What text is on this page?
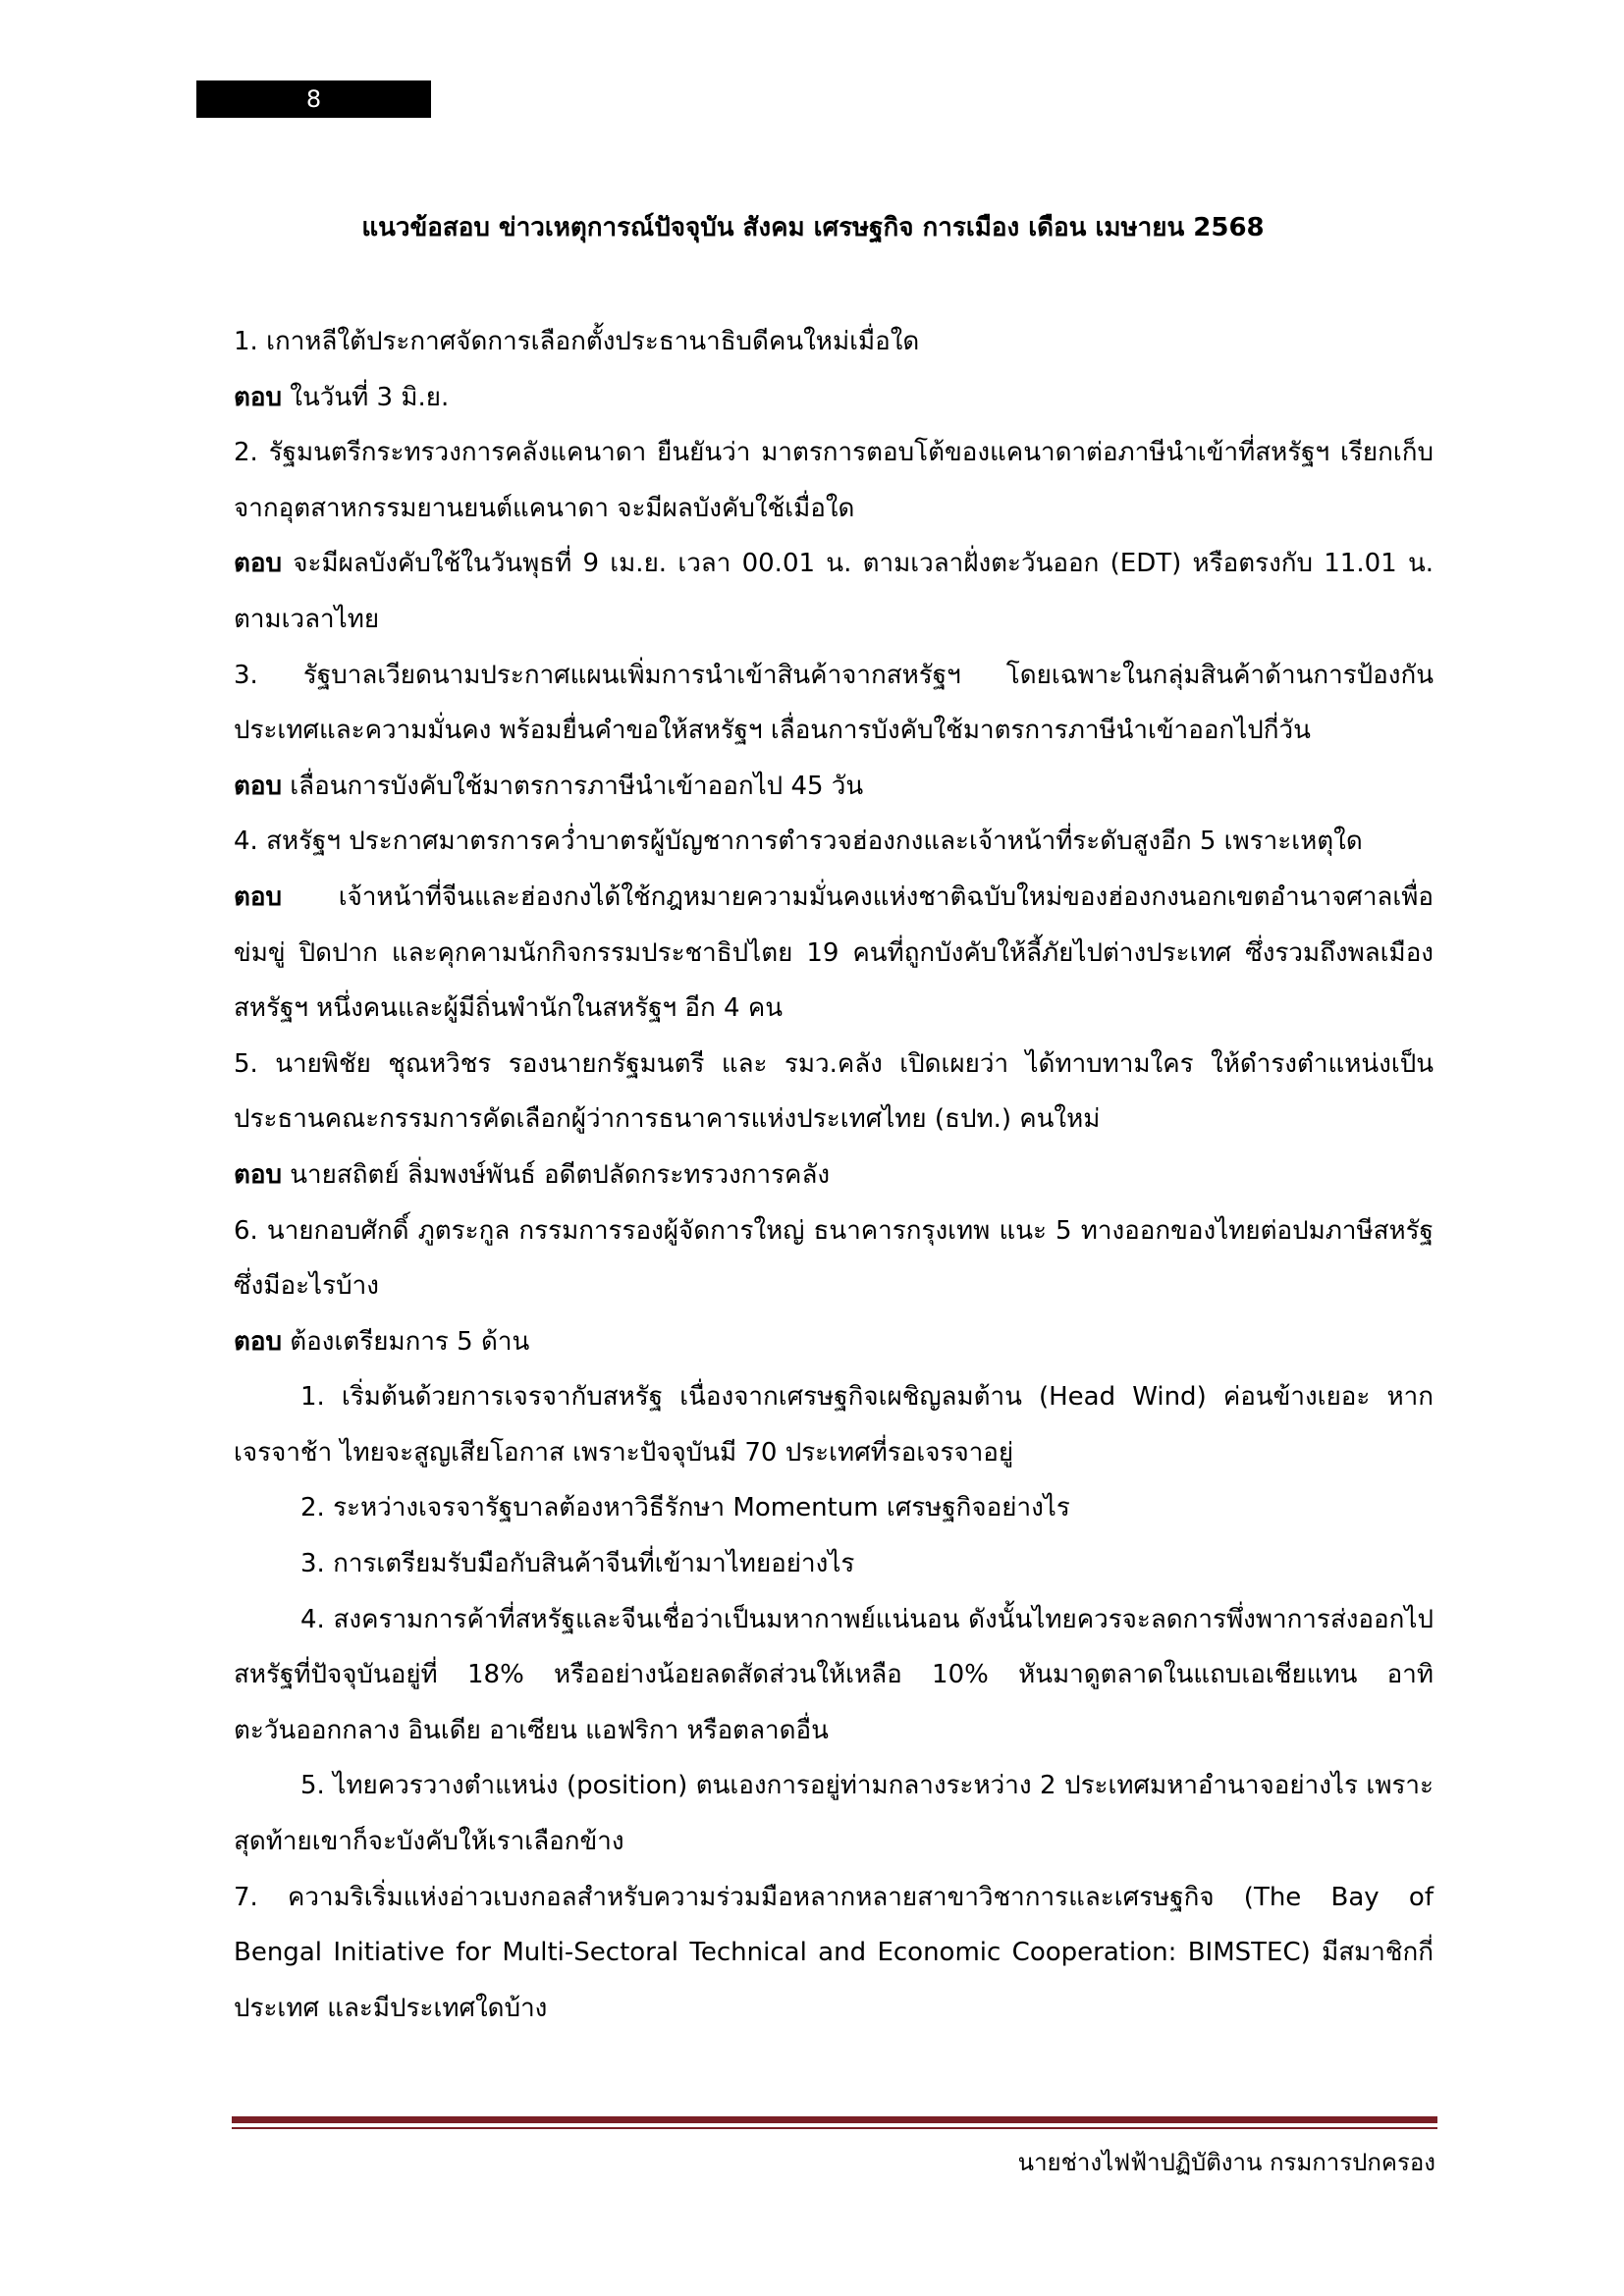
8
แนวข้อสอบ ข่าวเหตุการณ์ปัจจุบัน สังคม เศรษฐกิจ การเมือง เดือน เมษายน 2568

1. เกาหลีใต้ประกาศจัดการเลือกตั้งประธานาธิบดีคนใหม่เมื่อใด

ตอบ ในวันที่ 3 มิ.ย.

2. รัฐมนตรีกระทรวงการคลังแคนาดา ยืนยันว่า มาตรการตอบโต้ของแคนาดาต่อภาษีนำเข้าที่สหรัฐฯ เรียกเก็บจากอุตสาหกรรมยานยนต์แคนาดา จะมีผลบังคับใช้เมื่อใด

ตอบ จะมีผลบังคับใช้ในวันพุธที่ 9 เม.ย. เวลา 00.01 น. ตามเวลาฝั่งตะวันออก (EDT) หรือตรงกับ 11.01 น. ตามเวลาไทย

3. รัฐบาลเวียดนามประกาศแผนเพิ่มการนำเข้าสินค้าจากสหรัฐฯ โดยเฉพาะในกลุ่มสินค้าด้านการป้องกันประเทศและความมั่นคง พร้อมยื่นคำขอให้สหรัฐฯ เลื่อนการบังคับใช้มาตรการภาษีนำเข้าออกไปกี่วัน

ตอบ เลื่อนการบังคับใช้มาตรการภาษีนำเข้าออกไป 45 วัน

4. สหรัฐฯ ประกาศมาตรการคว่ำบาตรผู้บัญชาการตำรวจฮ่องกงและเจ้าหน้าที่ระดับสูงอีก 5 เพราะเหตุใด

ตอบ เจ้าหน้าที่จีนและฮ่องกงได้ใช้กฎหมายความมั่นคงแห่งชาติฉบับใหม่ของฮ่องกงนอกเขตอำนาจศาลเพื่อข่มขู่ ปิดปาก และคุกคามนักกิจกรรมประชาธิปไตย 19 คนที่ถูกบังคับให้ลี้ภัยไปต่างประเทศ ซึ่งรวมถึงพลเมืองสหรัฐฯ หนึ่งคนและผู้มีถิ่นพำนักในสหรัฐฯ อีก 4 คน

5. นายพิชัย ชุณหวิชร รองนายกรัฐมนตรี และ รมว.คลัง เปิดเผยว่า ได้ทาบทามใคร ให้ดำรงตำแหน่งเป็นประธานคณะกรรมการคัดเลือกผู้ว่าการธนาคารแห่งประเทศไทย (ธปท.) คนใหม่

ตอบ นายสถิตย์ ลิ่มพงษ์พันธ์ อดีตปลัดกระทรวงการคลัง

6. นายกอบศักดิ์ ภูตระกูล กรรมการรองผู้จัดการใหญ่ ธนาคารกรุงเทพ แนะ 5 ทางออกของไทยต่อปมภาษีสหรัฐ ซึ่งมีอะไรบ้าง

ตอบ ต้องเตรียมการ 5 ด้าน

1. เริ่มต้นด้วยการเจรจากับสหรัฐ เนื่องจากเศรษฐกิจเผชิญลมต้าน (Head Wind) ค่อนข้างเยอะ หากเจรจาช้า ไทยจะสูญเสียโอกาส เพราะปัจจุบันมี 70 ประเทศที่รอเจรจาอยู่

2. ระหว่างเจรจารัฐบาลต้องหาวิธีรักษา Momentum เศรษฐกิจอย่างไร

3. การเตรียมรับมือกับสินค้าจีนที่เข้ามาไทยอย่างไร

4. สงครามการค้าที่สหรัฐและจีนเชื่อว่าเป็นมหากาพย์แน่นอน ดังนั้นไทยควรจะลดการพึ่งพาการส่งออกไปสหรัฐที่ปัจจุบันอยู่ที่ 18% หรืออย่างน้อยลดสัดส่วนให้เหลือ 10% หันมาดูตลาดในแถบเอเชียแทน อาทิ ตะวันออกกลาง อินเดีย อาเซียน แอฟริกา หรือตลาดอื่น

5. ไทยควรวางตำแหน่ง (position) ตนเองการอยู่ท่ามกลางระหว่าง 2 ประเทศมหาอำนาจอย่างไร เพราะสุดท้ายเขาก็จะบังคับให้เราเลือกข้าง

7. ความริเริ่มแห่งอ่าวเบงกอลสำหรับความร่วมมือหลากหลายสาขาวิชาการและเศรษฐกิจ (The Bay of Bengal Initiative for Multi-Sectoral Technical and Economic Cooperation: BIMSTEC) มีสมาชิกกี่ประเทศ และมีประเทศใดบ้าง

นายช่างไฟฟ้าปฏิบัติงาน กรมการปกครอง
